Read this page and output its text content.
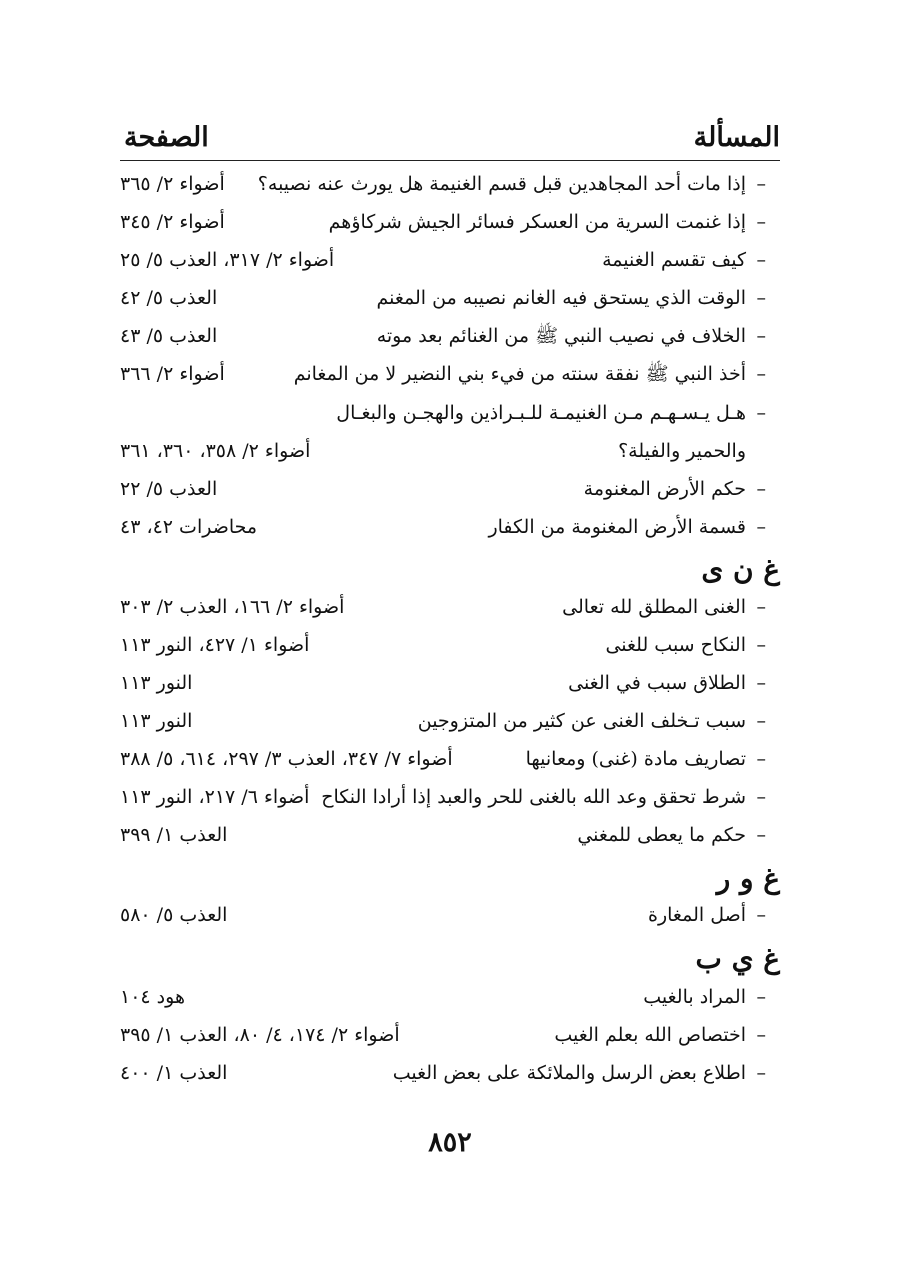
المسألة
الصفحة
–
إذا مات أحد المجاهدين قبل قسم الغنيمة هل يورث عنه نصيبه؟
أضواء ٢/ ٣٦٥
–
إذا غنمت السرية من العسكر فسائر الجيش شركاؤهم
أضواء ٢/ ٣٤٥
–
كيف تقسم الغنيمة
أضواء ٢/ ٣١٧، العذب ٥/ ٢٥
–
الوقت الذي يستحق فيه الغانم نصيبه من المغنم
العذب ٥/ ٤٢
–
الخلاف في نصيب النبي ﷺ من الغنائم بعد موته
العذب ٥/ ٤٣
–
أخذ النبي ﷺ نفقة سنته من فيء بني النضير لا من المغانم
أضواء ٢/ ٣٦٦
–
هـل يـسـهـم مـن الغنيمـة للـبـراذين والهجـن والبغـال
والحمير والفيلة؟
أضواء ٢/ ٣٥٨، ٣٦٠، ٣٦١
–
حكم الأرض المغنومة
العذب ٥/ ٢٢
–
قسمة الأرض المغنومة من الكفار
محاضرات ٤٢، ٤٣
غ ن ى
–
الغنى المطلق لله تعالى
أضواء ٢/ ١٦٦، العذب ٢/ ٣٠٣
–
النكاح سبب للغنى
أضواء ١/ ٤٢٧، النور ١١٣
–
الطلاق سبب في الغنى
النور ١١٣
–
سبب تـخلف الغنى عن كثير من المتزوجين
النور ١١٣
–
تصاريف مادة (غنى) ومعانيها
أضواء ٧/ ٣٤٧، العذب ٣/ ٢٩٧، ٦١٤، ٥/ ٣٨٨
–
شرط تحقق وعد الله بالغنى للحر والعبد إذا أرادا النكاح
أضواء ٦/ ٢١٧، النور ١١٣
–
حكم ما يعطى للمغني
العذب ١/ ٣٩٩
غ و ر
–
أصل المغارة
العذب ٥/ ٥٨٠
غ ي ب
–
المراد بالغيب
هود ١٠٤
–
اختصاص الله بعلم الغيب
أضواء ٢/ ١٧٤، ٤/ ٨٠، العذب ١/ ٣٩٥
–
اطلاع بعض الرسل والملائكة على بعض الغيب
العذب ١/ ٤٠٠
٨٥٢
